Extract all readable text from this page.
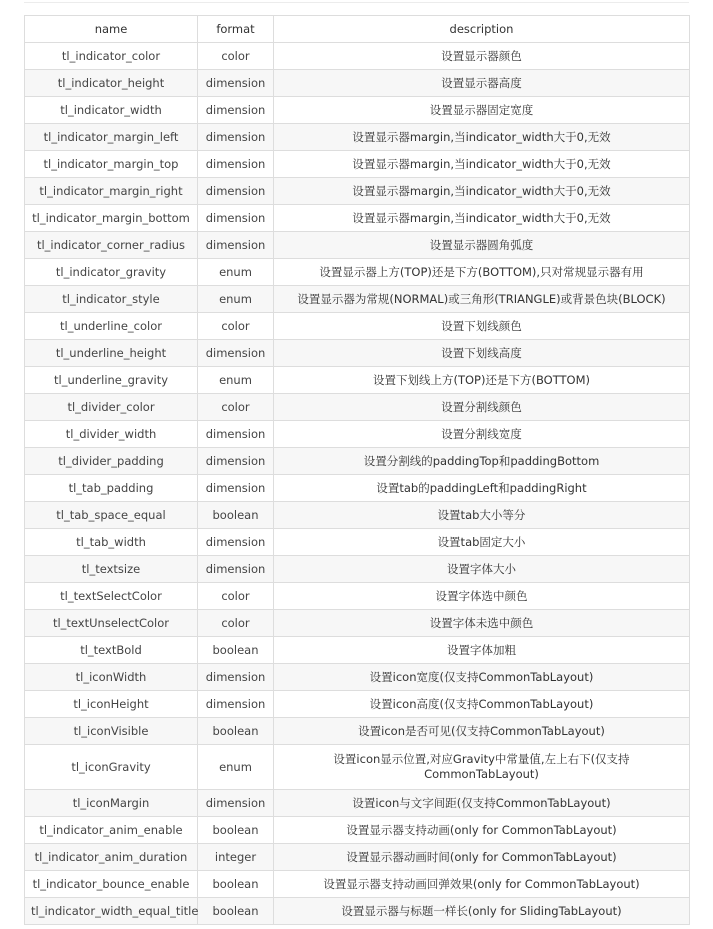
name	format	description
tl_indicator_color	color	设置显示器颜色
tl_indicator_height	dimension	设置显示器高度
tl_indicator_width	dimension	设置显示器固定宽度
tl_indicator_margin_left	dimension	设置显示器margin,当indicator_width大于0,无效
tl_indicator_margin_top	dimension	设置显示器margin,当indicator_width大于0,无效
tl_indicator_margin_right	dimension	设置显示器margin,当indicator_width大于0,无效
tl_indicator_margin_bottom	dimension	设置显示器margin,当indicator_width大于0,无效
tl_indicator_corner_radius	dimension	设置显示器圆角弧度
tl_indicator_gravity	enum	设置显示器上方(TOP)还是下方(BOTTOM),只对常规显示器有用
tl_indicator_style	enum	设置显示器为常规(NORMAL)或三角形(TRIANGLE)或背景色块(BLOCK)
tl_underline_color	color	设置下划线颜色
tl_underline_height	dimension	设置下划线高度
tl_underline_gravity	enum	设置下划线上方(TOP)还是下方(BOTTOM)
tl_divider_color	color	设置分割线颜色
tl_divider_width	dimension	设置分割线宽度
tl_divider_padding	dimension	设置分割线的paddingTop和paddingBottom
tl_tab_padding	dimension	设置tab的paddingLeft和paddingRight
tl_tab_space_equal	boolean	设置tab大小等分
tl_tab_width	dimension	设置tab固定大小
tl_textsize	dimension	设置字体大小
tl_textSelectColor	color	设置字体选中颜色
tl_textUnselectColor	color	设置字体未选中颜色
tl_textBold	boolean	设置字体加粗
tl_iconWidth	dimension	设置icon宽度(仅支持CommonTabLayout)
tl_iconHeight	dimension	设置icon高度(仅支持CommonTabLayout)
tl_iconVisible	boolean	设置icon是否可见(仅支持CommonTabLayout)
tl_iconGravity	enum	设置icon显示位置,对应Gravity中常量值,左上右下(仅支持CommonTabLayout)
tl_iconMargin	dimension	设置icon与文字间距(仅支持CommonTabLayout)
tl_indicator_anim_enable	boolean	设置显示器支持动画(only for CommonTabLayout)
tl_indicator_anim_duration	integer	设置显示器动画时间(only for CommonTabLayout)
tl_indicator_bounce_enable	boolean	设置显示器支持动画回弹效果(only for CommonTabLayout)
tl_indicator_width_equal_title	boolean	设置显示器与标题一样长(only for SlidingTabLayout)
